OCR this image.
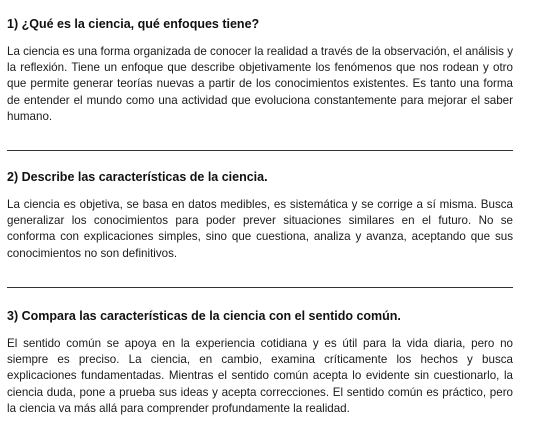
1) ¿Qué es la ciencia, qué enfoques tiene?

La ciencia es una forma organizada de conocer la realidad a través de la observación, el análisis y la reflexión. Tiene un enfoque que describe objetivamente los fenómenos que nos rodean y otro que permite generar teorías nuevas a partir de los conocimientos existentes. Es tanto una forma de entender el mundo como una actividad que evoluciona constantemente para mejorar el saber humano.

2) Describe las características de la ciencia.

La ciencia es objetiva, se basa en datos medibles, es sistemática y se corrige a sí misma. Busca generalizar los conocimientos para poder prever situaciones similares en el futuro. No se conforma con explicaciones simples, sino que cuestiona, analiza y avanza, aceptando que sus conocimientos no son definitivos.

3) Compara las características de la ciencia con el sentido común.

El sentido común se apoya en la experiencia cotidiana y es útil para la vida diaria, pero no siempre es preciso. La ciencia, en cambio, examina críticamente los hechos y busca explicaciones fundamentadas. Mientras el sentido común acepta lo evidente sin cuestionarlo, la ciencia duda, pone a prueba sus ideas y acepta correcciones. El sentido común es práctico, pero la ciencia va más allá para comprender profundamente la realidad.
